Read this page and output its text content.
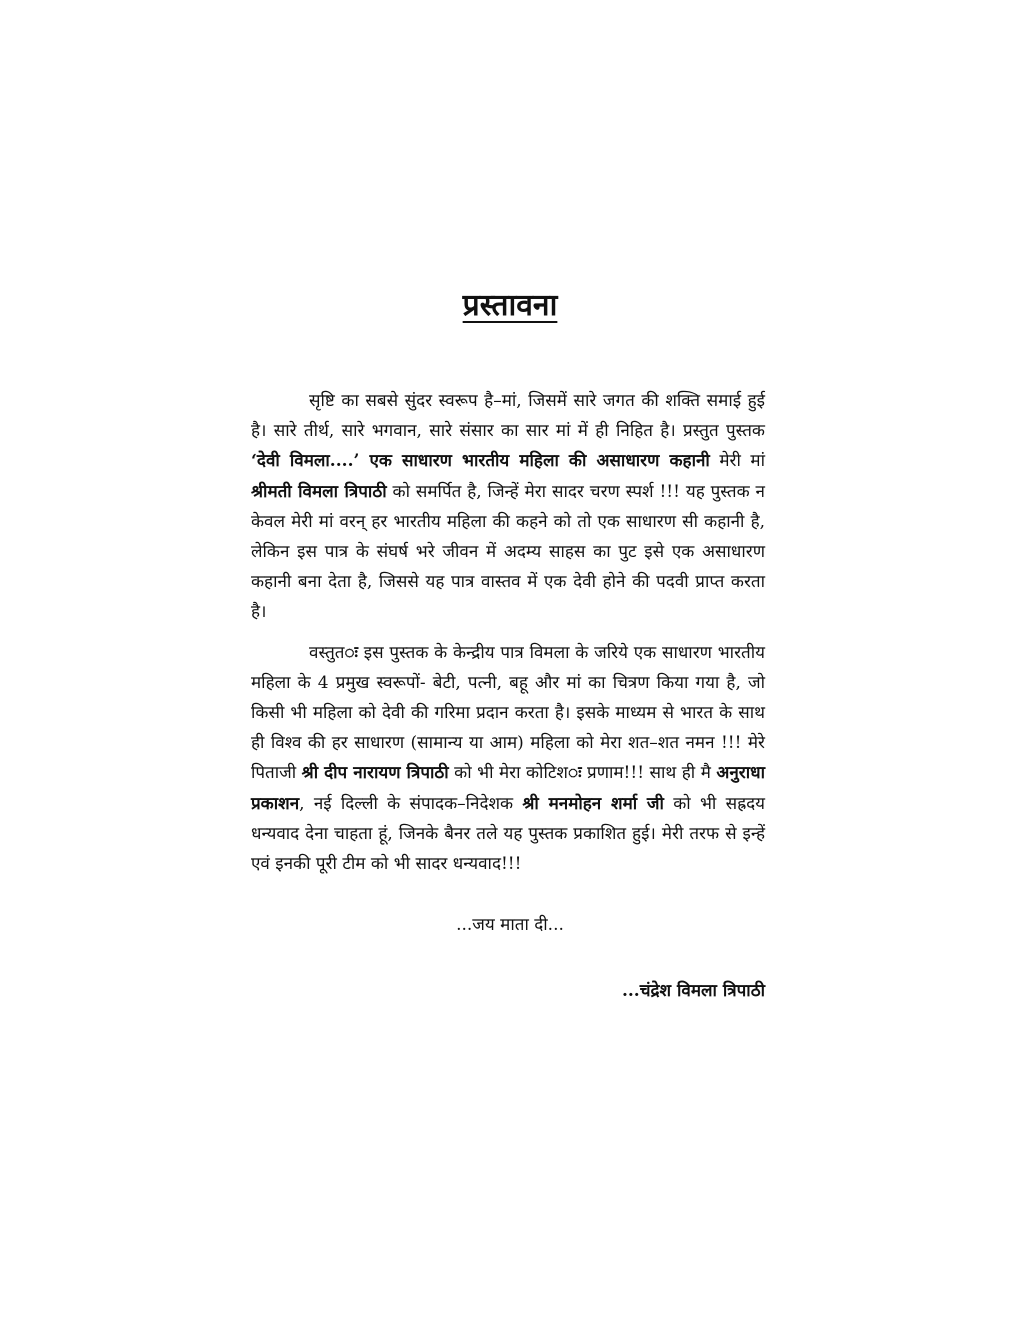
प्रस्तावना

सृष्टि का सबसे सुंदर स्वरूप है–मां, जिसमें सारे जगत की शक्ति समाई हुई है। सारे तीर्थ, सारे भगवान, सारे संसार का सार मां में ही निहित है। प्रस्तुत पुस्तक ‘देवी विमला....’ एक साधारण भारतीय महिला की असाधारण कहानी मेरी मां श्रीमती विमला त्रिपाठी को समर्पित है, जिन्हें मेरा सादर चरण स्पर्श !!! यह पुस्तक न केवल मेरी मां वरन् हर भारतीय महिला की कहने को तो एक साधारण सी कहानी है, लेकिन इस पात्र के संघर्ष भरे जीवन में अदम्य साहस का पुट इसे एक असाधारण कहानी बना देता है, जिससे यह पात्र वास्तव में एक देवी होने की पदवी प्राप्त करता है।

वस्तुतः इस पुस्तक के केन्द्रीय पात्र विमला के जरिये एक साधारण भारतीय महिला के 4 प्रमुख स्वरूपों- बेटी, पत्नी, बहू और मां का चित्रण किया गया है, जो किसी भी महिला को देवी की गरिमा प्रदान करता है। इसके माध्यम से भारत के साथ ही विश्व की हर साधारण (सामान्य या आम) महिला को मेरा शत–शत नमन !!! मेरे पिताजी श्री दीप नारायण त्रिपाठी को भी मेरा कोटिशः प्रणाम!!! साथ ही मै अनुराधा प्रकाशन, नई दिल्ली के संपादक–निदेशक श्री मनमोहन शर्मा जी को भी सह्रदय धन्यवाद देना चाहता हूं, जिनके बैनर तले यह पुस्तक प्रकाशित हुई। मेरी तरफ से इन्हें एवं इनकी पूरी टीम को भी सादर धन्यवाद!!!

...जय माता दी...
...चंद्रेश विमला त्रिपाठी
